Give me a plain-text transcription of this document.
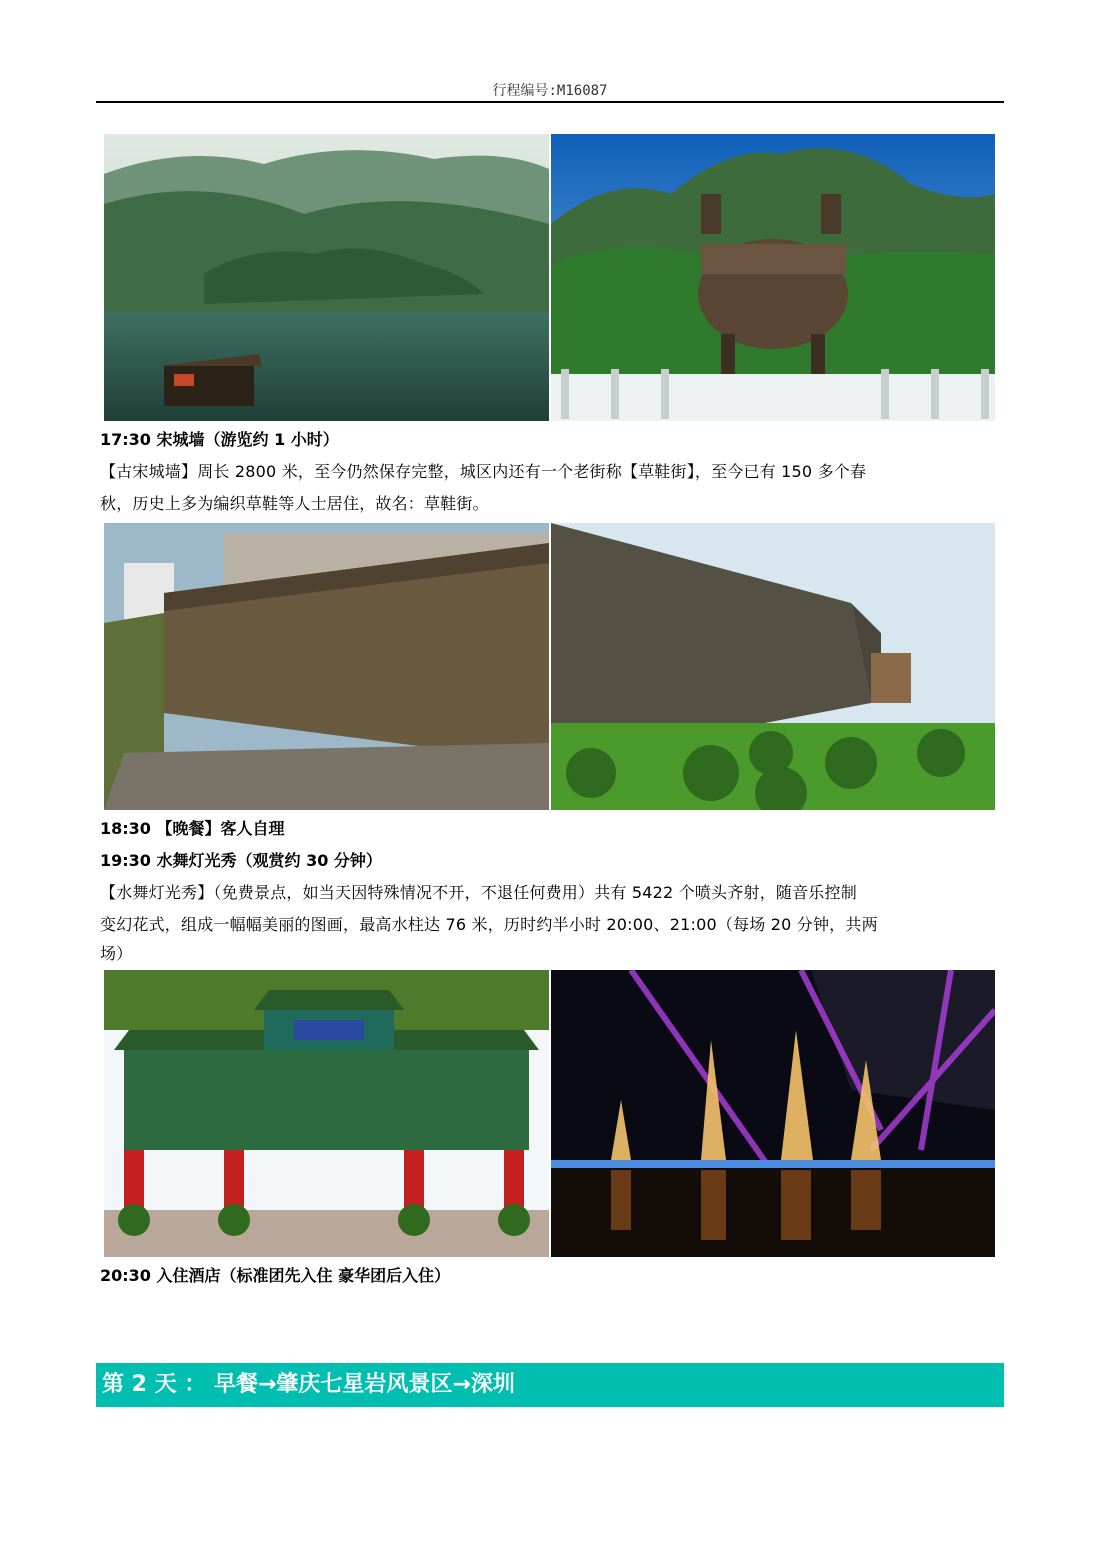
行程编号:M16087
17:30 宋城墙（游览约 1 小时）
【古宋城墙】周长 2800 米，至今仍然保存完整，城区内还有一个老街称【草鞋街】，至今已有 150 多个春
秋，历史上多为编织草鞋等人士居住，故名：草鞋街。
18:30 【晚餐】客人自理
19:30 水舞灯光秀（观赏约 30 分钟）
【水舞灯光秀】（免费景点，如当天因特殊情况不开，不退任何费用）共有 5422 个喷头齐射，随音乐控制
变幻花式，组成一幅幅美丽的图画，最高水柱达 76 米，历时约半小时 20:00、21:00（每场 20 分钟，共两
场）
20:30 入住酒店（标准团先入住 豪华团后入住）
第 2 天 ： 早餐→肇庆七星岩风景区→深圳
